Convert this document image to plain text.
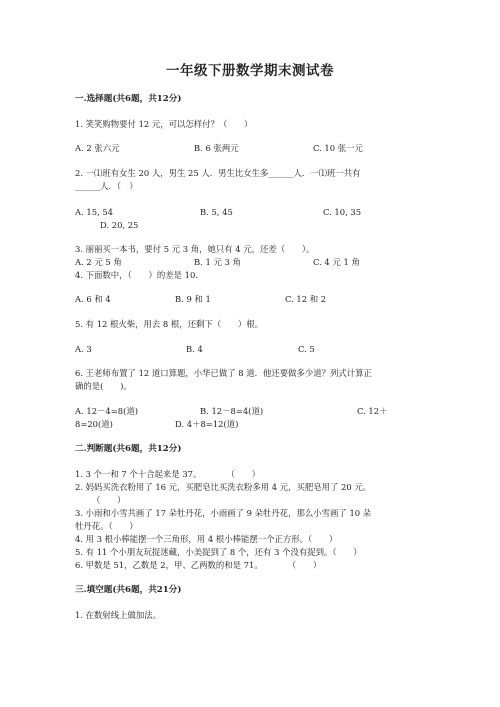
一年级下册数学期末测试卷
一.选择题(共6题，共12分)
1. 笑笑购物要付 12 元，可以怎样付？（　　）
A. 2 张六元	B. 6 张两元	C. 10 张一元
2. 一⑴班有女生 20 人，男生 25 人．男生比女生多______人．一⑴班一共有
______人．（　）
A. 15, 54	B. 5, 45	C. 10, 35
D. 20, 25
3. 丽丽买一本书，要付 5 元 3 角，她只有 4 元，还差（　　）。
A. 2 元 5 角	B. 1 元 3 角	C. 4 元 1 角
4. 下面数中，（　　）的差是 10.
A. 6 和 4	B. 9 和 1	C. 12 和 2
5. 有 12 根火柴，用去 8 根，还剩下（　　）根。
A. 3	B. 4	C. 5
6. 王老师布置了 12 道口算题，小华已做了 8 道．他还要做多少道？列式计算正
确的是(　　)。
A. 12－4=8(道)	B. 12－8=4(道)	C. 12＋
8=20(道)	D. 4＋8=12(道)
二.判断题(共6题，共12分)
1. 3 个一和 7 个十合起来是 37。　　　　（　　）
2. 妈妈买洗衣粉用了 16 元，买肥皂比买洗衣粉多用 4 元，买肥皂用了 20 元。
（　　）
3. 小雨和小雪共画了 17 朵牡丹花，小雨画了 9 朵牡丹花，那么小雪画了 10 朵
牡丹花。（　　）
4. 用 3 根小棒能摆一个三角形，用 4 根小棒能摆一个正方形。（　　）
5. 有 11 个小朋友玩捉迷藏，小美捉到了 8 个，还有 3 个没有捉到。（　　）
6. 甲数是 51，乙数是 2，甲、乙两数的和是 71。　　　　（　　）
三.填空题(共6题，共21分)
1. 在数射线上做加法。
